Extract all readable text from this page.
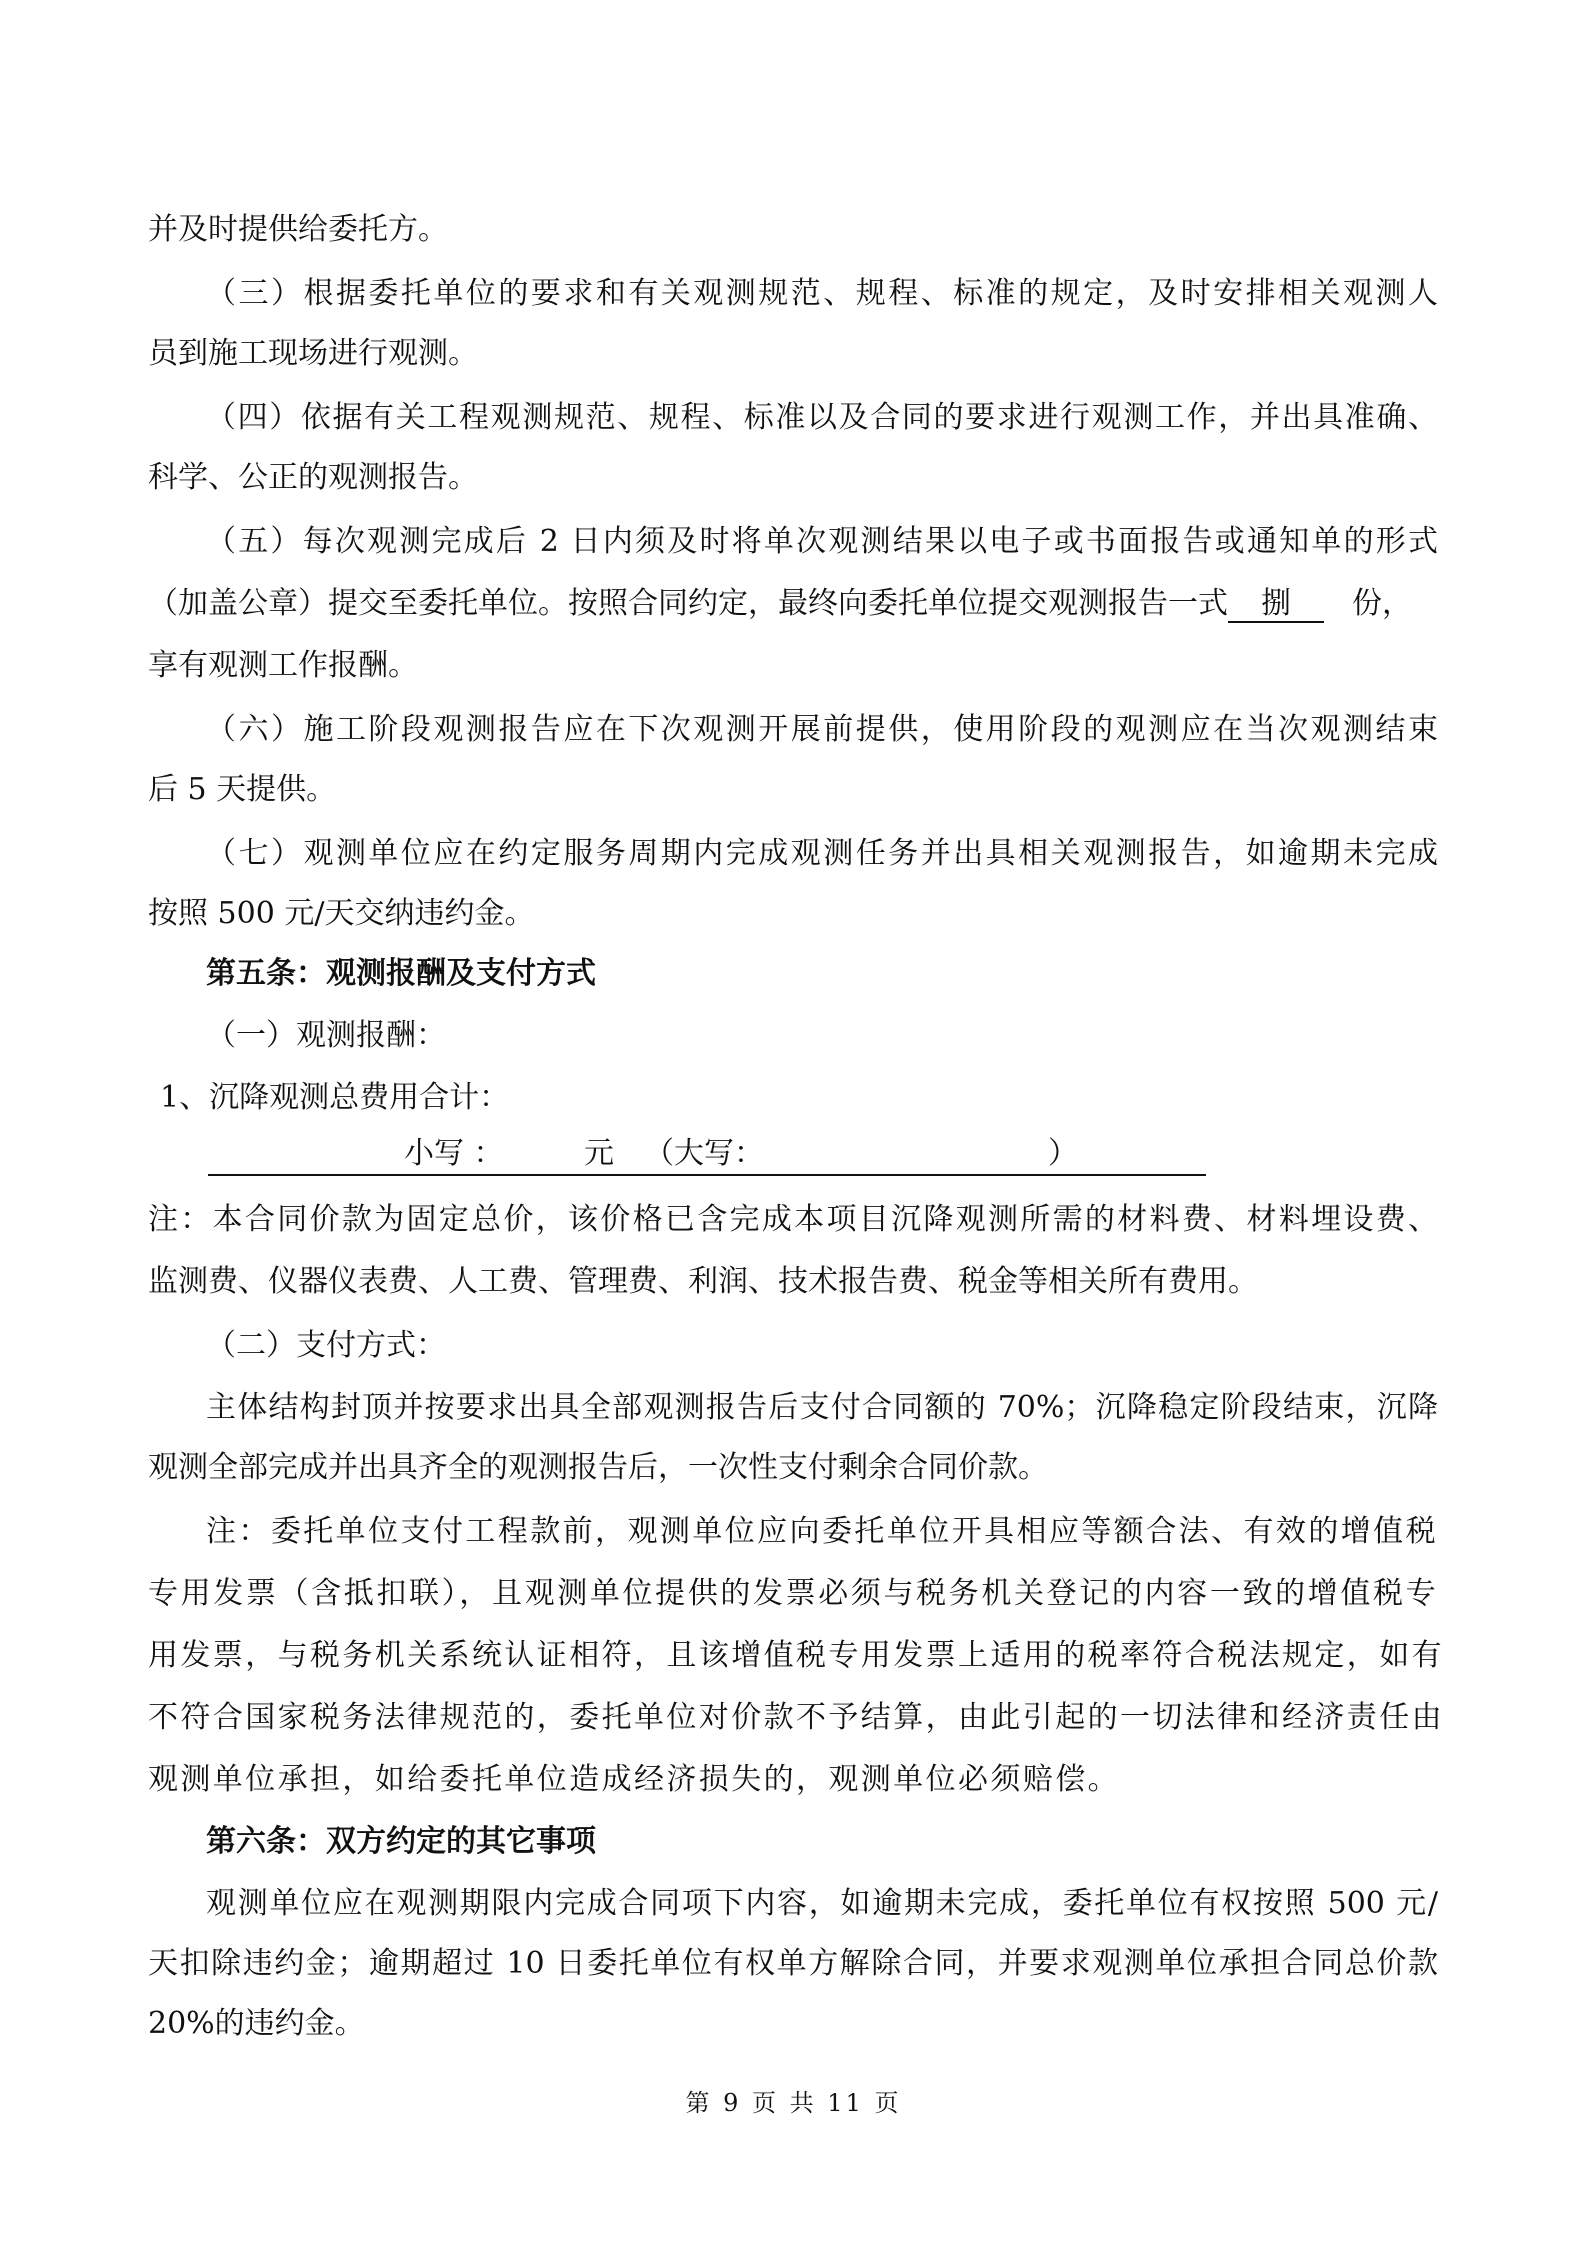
并及时提供给委托方。
（三）根据委托单位的要求和有关观测规范、规程、标准的规定，及时安排相关观测人
员到施工现场进行观测。
（四）依据有关工程观测规范、规程、标准以及合同的要求进行观测工作，并出具准确、
科学、公正的观测报告。
（五）每次观测完成后 2 日内须及时将单次观测结果以电子或书面报告或通知单的形式
（加盖公章）提交至委托单位。按照合同约定，最终向委托单位提交观测报告一式 捌 份，
享有观测工作报酬。
（六）施工阶段观测报告应在下次观测开展前提供，使用阶段的观测应在当次观测结束
后 5 天提供。
（七）观测单位应在约定服务周期内完成观测任务并出具相关观测报告，如逾期未完成
按照 500 元/天交纳违约金。
第五条：观测报酬及支付方式
（一）观测报酬：
1、沉降观测总费用合计：
小写 ：	元 （大写：	）
注：本合同价款为固定总价，该价格已含完成本项目沉降观测所需的材料费、材料埋设费、
监测费、仪器仪表费、人工费、管理费、利润、技术报告费、税金等相关所有费用。
（二）支付方式：
主体结构封顶并按要求出具全部观测报告后支付合同额的 70%；沉降稳定阶段结束，沉降
观测全部完成并出具齐全的观测报告后，一次性支付剩余合同价款。
注：委托单位支付工程款前，观测单位应向委托单位开具相应等额合法、有效的增值税
专用发票（含抵扣联），且观测单位提供的发票必须与税务机关登记的内容一致的增值税专
用发票，与税务机关系统认证相符，且该增值税专用发票上适用的税率符合税法规定，如有
不符合国家税务法律规范的，委托单位对价款不予结算，由此引起的一切法律和经济责任由
观测单位承担，如给委托单位造成经济损失的，观测单位必须赔偿。
第六条：双方约定的其它事项
观测单位应在观测期限内完成合同项下内容，如逾期未完成，委托单位有权按照 500 元/
天扣除违约金；逾期超过 10 日委托单位有权单方解除合同，并要求观测单位承担合同总价款
20%的违约金。
第 9 页 共 11 页
